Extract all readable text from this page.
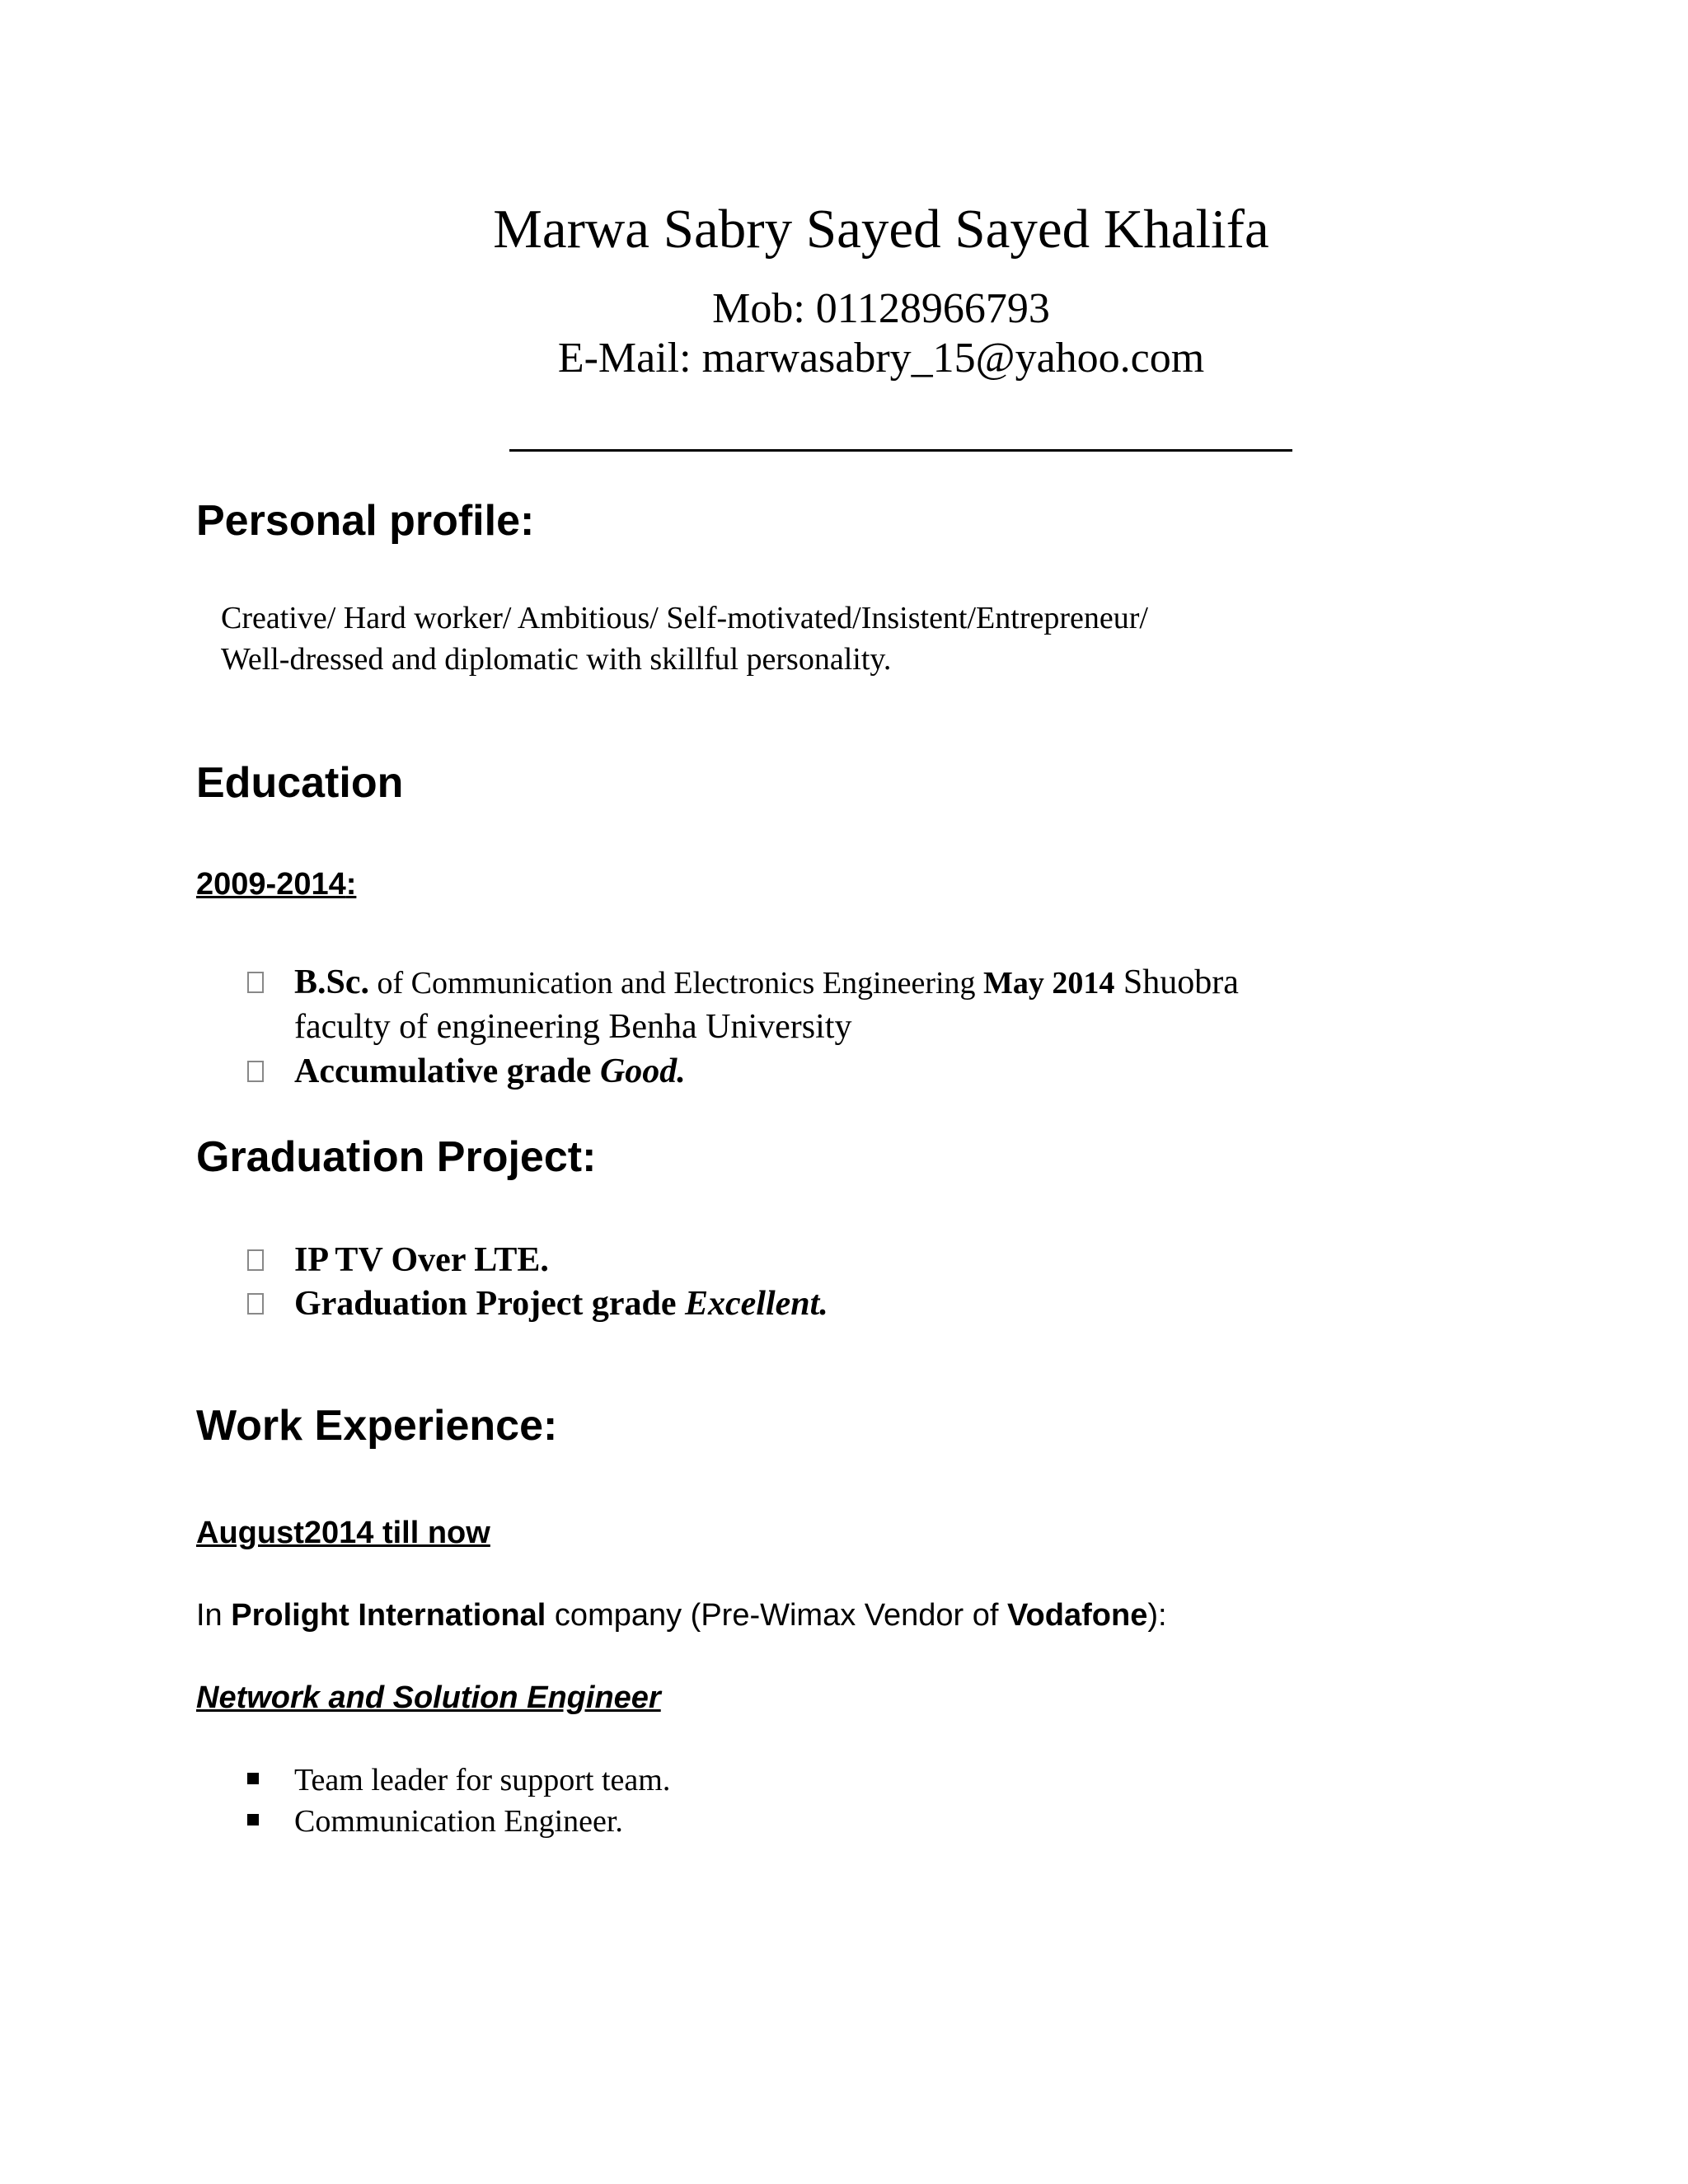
Marwa Sabry Sayed Sayed Khalifa
Mob: 01128966793
E-Mail: marwasabry_15@yahoo.com
Personal profile:
Creative/ Hard worker/ Ambitious/ Self-motivated/Insistent/Entrepreneur/
Well-dressed and diplomatic with skillful personality.
Education
2009-2014:
B.Sc. of Communication and Electronics Engineering May 2014 Shuobra
faculty of engineering Benha University
Accumulative grade Good.
Graduation Project:
IP TV Over LTE.
Graduation Project grade Excellent.
Work Experience:
August2014 till now
In Prolight International company (Pre-Wimax Vendor of Vodafone):
Network and Solution Engineer
Team leader for support team.
Communication Engineer.
